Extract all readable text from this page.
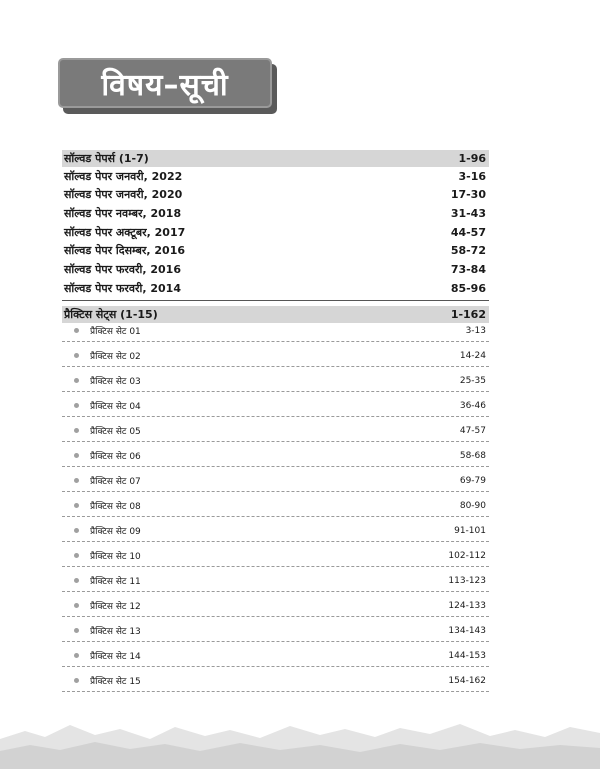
विषय–सूची
सॉल्वड पेपर्स (1-7)	1-96
सॉल्वड पेपर जनवरी, 2022	3-16
सॉल्वड पेपर जनवरी, 2020	17-30
सॉल्वड पेपर नवम्बर, 2018	31-43
सॉल्वड पेपर अक्टूबर, 2017	44-57
सॉल्वड पेपर दिसम्बर, 2016	58-72
सॉल्वड पेपर फरवरी, 2016	73-84
सॉल्वड पेपर फरवरी, 2014	85-96
प्रैक्टिस सेट्स (1-15)	1-162
प्रैक्टिस सेट 01	3-13
प्रैक्टिस सेट 02	14-24
प्रैक्टिस सेट 03	25-35
प्रैक्टिस सेट 04	36-46
प्रैक्टिस सेट 05	47-57
प्रैक्टिस सेट 06	58-68
प्रैक्टिस सेट 07	69-79
प्रैक्टिस सेट 08	80-90
प्रैक्टिस सेट 09	91-101
प्रैक्टिस सेट 10	102-112
प्रैक्टिस सेट 11	113-123
प्रैक्टिस सेट 12	124-133
प्रैक्टिस सेट 13	134-143
प्रैक्टिस सेट 14	144-153
प्रैक्टिस सेट 15	154-162
